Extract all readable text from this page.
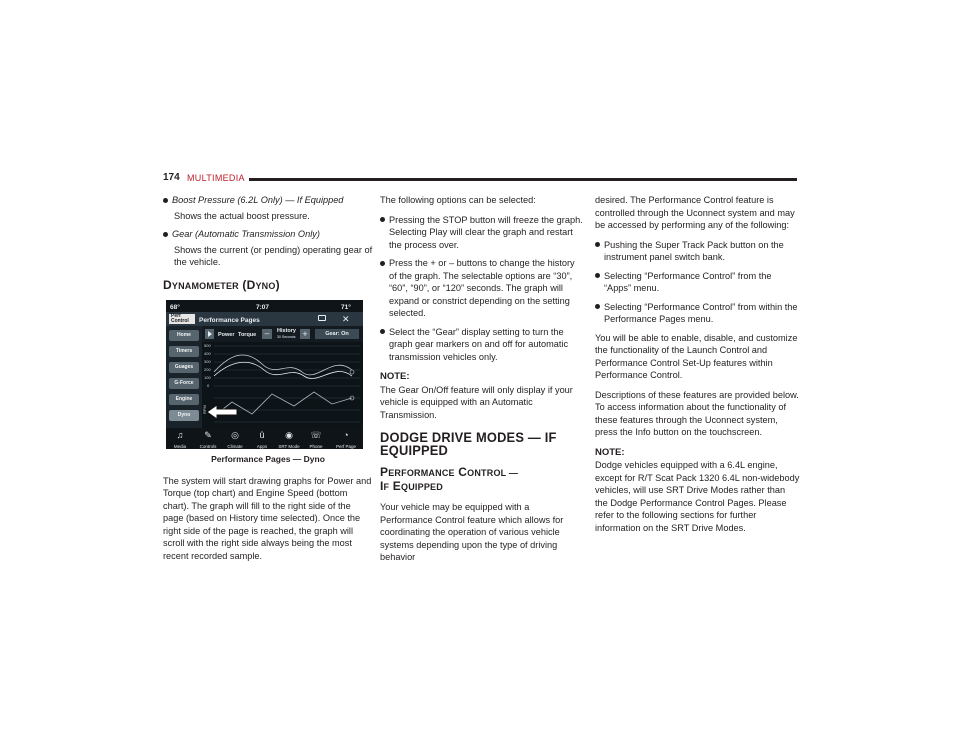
174 MULTIMEDIA
Boost Pressure (6.2L Only) — If Equipped
Shows the actual boost pressure.
Gear (Automatic Transmission Only)
Shows the current (or pending) operating gear of the vehicle.
DYNAMOMETER (DYNO)
68°	7:07	71°
Perf
Control	Performance Pages	✕
Home
Timers
Guages
G-Force
Engine
Dyno
Power Torque	–	History
30 Seconds +	Gear: On
500
400
300
200
100
0
RPM
♫
Media
✎
Controls
◎
Climate
û
Apps
◉
SRT Mode
☏
Phone
◔
Perf Page
Performance Pages — Dyno

The system will start drawing graphs for Power and Torque (top chart) and Engine Speed (bottom chart). The graph will fill to the right side of the page (based on History time selected). Once the right side of the page is reached, the graph will scroll with the right side always being the most recent recorded sample.

The following options can be selected:

Pressing the STOP button will freeze the graph. Selecting Play will clear the graph and restart the process over.
Press the + or – buttons to change the history of the graph. The selectable options are “30”, “60”, “90”, or “120” seconds. The graph will expand or constrict depending on the setting selected.
Select the “Gear” display setting to turn the graph gear markers on and off for automatic transmission vehicles only.
NOTE:

The Gear On/Off feature will only display if your vehicle is equipped with an Automatic Transmission.

DODGE DRIVE MODES — IF EQUIPPED
PERFORMANCE CONTROL —
IF EQUIPPED

Your vehicle may be equipped with a Performance Control feature which allows for coordinating the operation of various vehicle systems depending upon the type of driving behavior

desired. The Performance Control feature is controlled through the Uconnect system and may be accessed by performing any of the following:

Pushing the Super Track Pack button on the instrument panel switch bank.
Selecting “Performance Control” from the “Apps” menu.
Selecting “Performance Control” from within the Performance Pages menu.

You will be able to enable, disable, and customize the functionality of the Launch Control and Performance Control Set-Up features within Performance Control.

Descriptions of these features are provided below. To access information about the functionality of these features through the Uconnect system, press the Info button on the touchscreen.

NOTE:

Dodge vehicles equipped with a 6.4L engine, except for R/T Scat Pack 1320 6.4L non-widebody vehicles, will use SRT Drive Modes rather than the Dodge Performance Control Pages. Please refer to the following sections for further information on the SRT Drive Modes.
